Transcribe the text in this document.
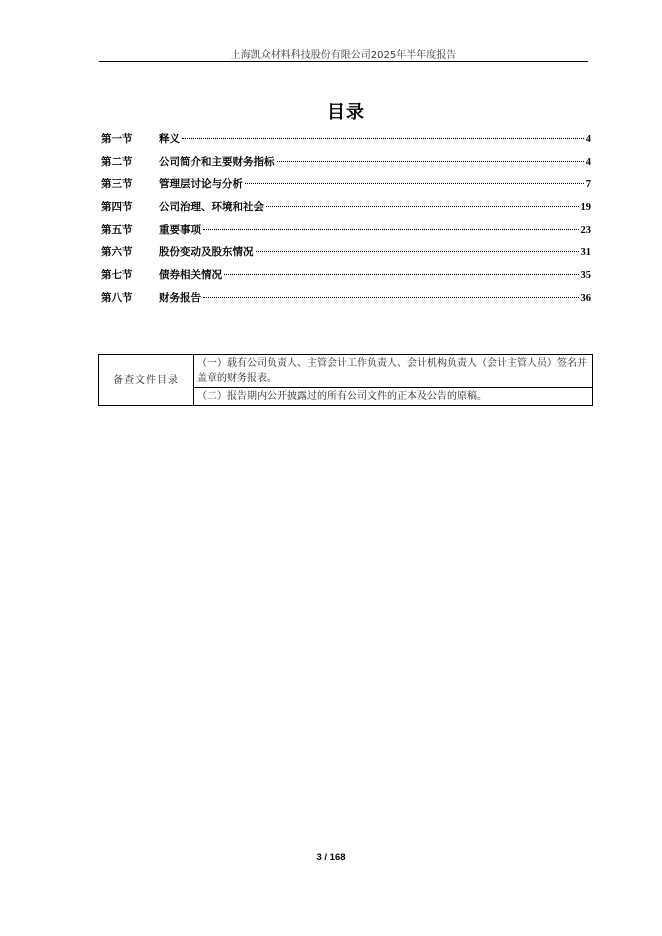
上海凯众材料科技股份有限公司2025年半年度报告
目录
第一节	释义	4
第二节	公司简介和主要财务指标	4
第三节	管理层讨论与分析	7
第四节	公司治理、环境和社会	19
第五节	重要事项	23
第六节	股份变动及股东情况	31
第七节	债券相关情况	35
第八节	财务报告	36
备查文件目录	（一）载有公司负责人、主管会计工作负责人、会计机构负责人（会计主管人员）签名并盖章的财务报表。
（二）报告期内公开披露过的所有公司文件的正本及公告的原稿。
3 / 168
